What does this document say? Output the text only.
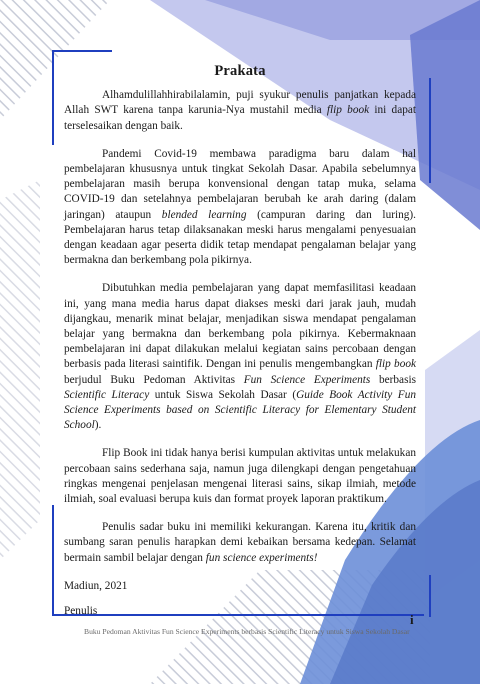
Prakata

Alhamdulillahhirabilalamin, puji syukur penulis panjatkan kepada Allah SWT karena tanpa karunia-Nya mustahil media flip book ini dapat terselesaikan dengan baik.

Pandemi Covid-19 membawa paradigma baru dalam hal pembelajaran khususnya untuk tingkat Sekolah Dasar. Apabila sebelumnya pembelajaran masih berupa konvensional dengan tatap muka, selama COVID-19 dan setelahnya pembelajaran berubah ke arah daring (dalam jaringan) ataupun blended learning (campuran daring dan luring). Pembelajaran harus tetap dilaksanakan meski harus mengalami penyesuaian dengan keadaan agar peserta didik tetap mendapat pengalaman belajar yang bermakna dan berkembang pola pikirnya.

Dibutuhkan media pembelajaran yang dapat memfasilitasi keadaan ini, yang mana media harus dapat diakses meski dari jarak jauh, mudah dijangkau, menarik minat belajar, menjadikan siswa mendapat pengalaman belajar yang bermakna dan berkembang pola pikirnya. Kebermaknaan pembelajaran ini dapat dilakukan melalui kegiatan sains percobaan dengan berbasis pada literasi saintifik. Dengan ini penulis mengembangkan flip book berjudul Buku Pedoman Aktivitas Fun Science Experiments berbasis Scientific Literacy untuk Siswa Sekolah Dasar (Guide Book Activity Fun Science Experiments based on Scientific Literacy for Elementary Student School).

Flip Book ini tidak hanya berisi kumpulan aktivitas untuk melakukan percobaan sains sederhana saja, namun juga dilengkapi dengan pengetahuan ringkas mengenai penjelasan mengenai literasi sains, sikap ilmiah, metode ilmiah, soal evaluasi berupa kuis dan format proyek laporan praktikum.

Penulis sadar buku ini memiliki kekurangan. Karena itu, kritik dan sumbang saran penulis harapkan demi kebaikan bersama kedepan. Selamat bermain sambil belajar dengan fun science experiments!

Madiun, 2021

Penulis

i
Buku Pedoman Aktivitas Fun Science Experiments berbasis Scientific Literacy untuk Siswa Sekolah Dasar
